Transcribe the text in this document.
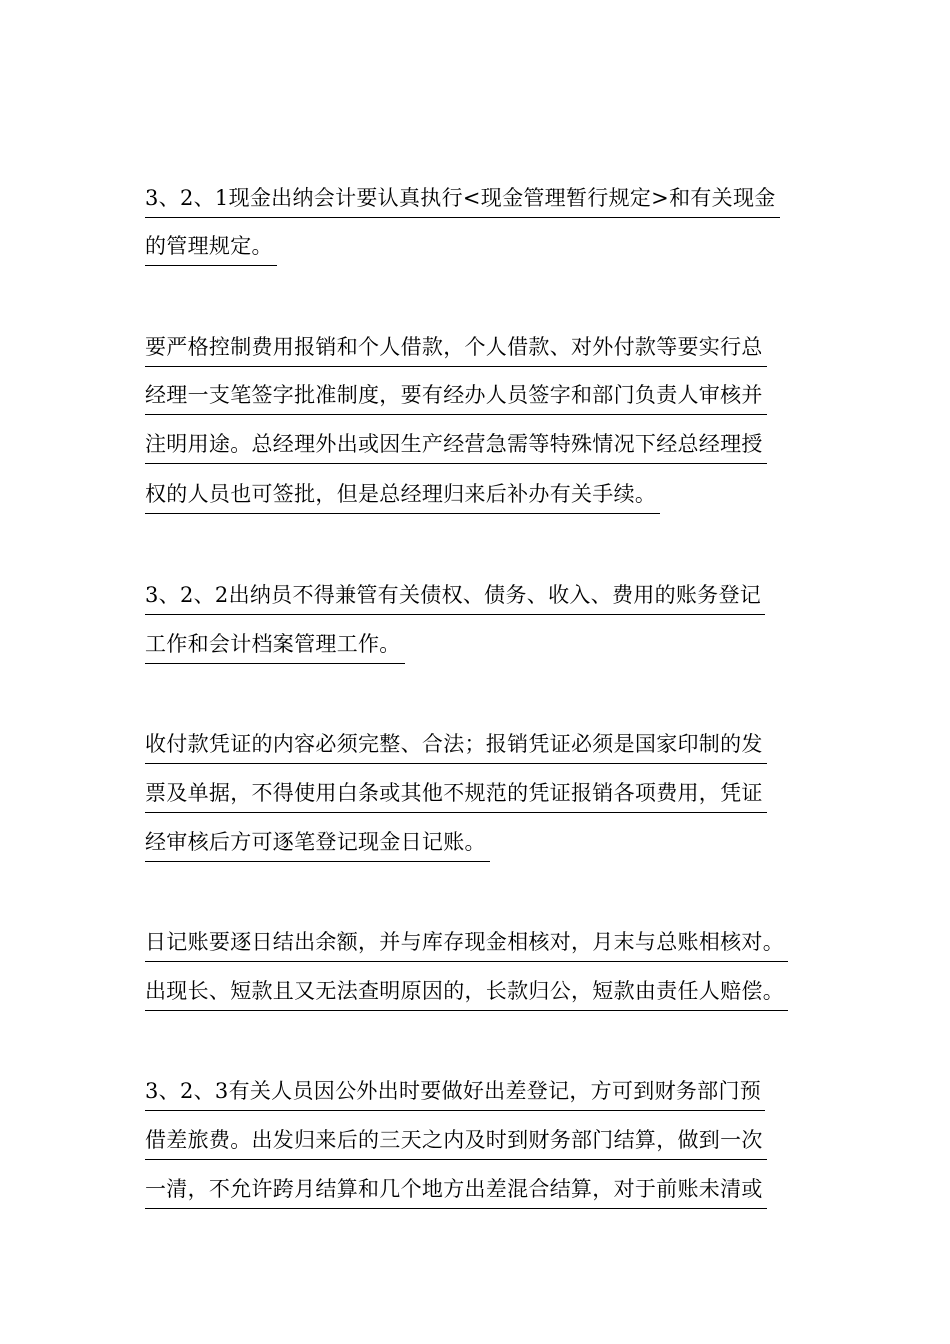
3、2、1现金出纳会计要认真执行<现金管理暂行规定>和有关现金
的管理规定。
要严格控制费用报销和个人借款，个人借款、对外付款等要实行总
经理一支笔签字批准制度，要有经办人员签字和部门负责人审核并
注明用途。总经理外出或因生产经营急需等特殊情况下经总经理授
权的人员也可签批，但是总经理归来后补办有关手续。
3、2、2出纳员不得兼管有关债权、债务、收入、费用的账务登记
工作和会计档案管理工作。
收付款凭证的内容必须完整、合法；报销凭证必须是国家印制的发
票及单据，不得使用白条或其他不规范的凭证报销各项费用，凭证
经审核后方可逐笔登记现金日记账。
日记账要逐日结出余额，并与库存现金相核对，月末与总账相核对。
出现长、短款且又无法查明原因的，长款归公，短款由责任人赔偿。
3、2、3有关人员因公外出时要做好出差登记，方可到财务部门预
借差旅费。出发归来后的三天之内及时到财务部门结算，做到一次
一清，不允许跨月结算和几个地方出差混合结算，对于前账未清或
